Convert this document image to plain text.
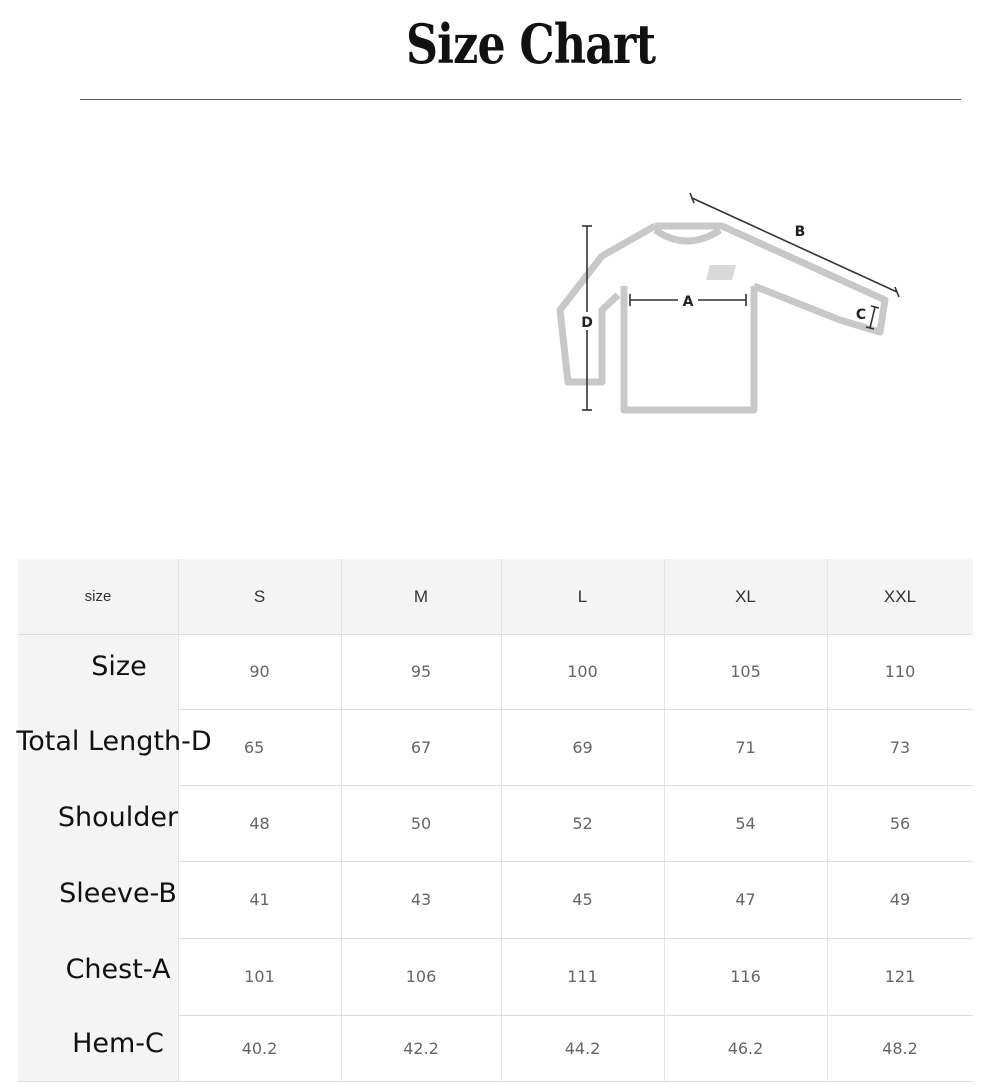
Size Chart
D
A
B
C
size	S	M	L	XL	XXL
Size	90	95	100	105	110
Total Length-D	65	67	69	71	73
Shoulder	48	50	52	54	56
Sleeve-B	41	43	45	47	49
Chest-A	101	106	111	116	121
Hem-C	40.2	42.2	44.2	46.2	48.2
